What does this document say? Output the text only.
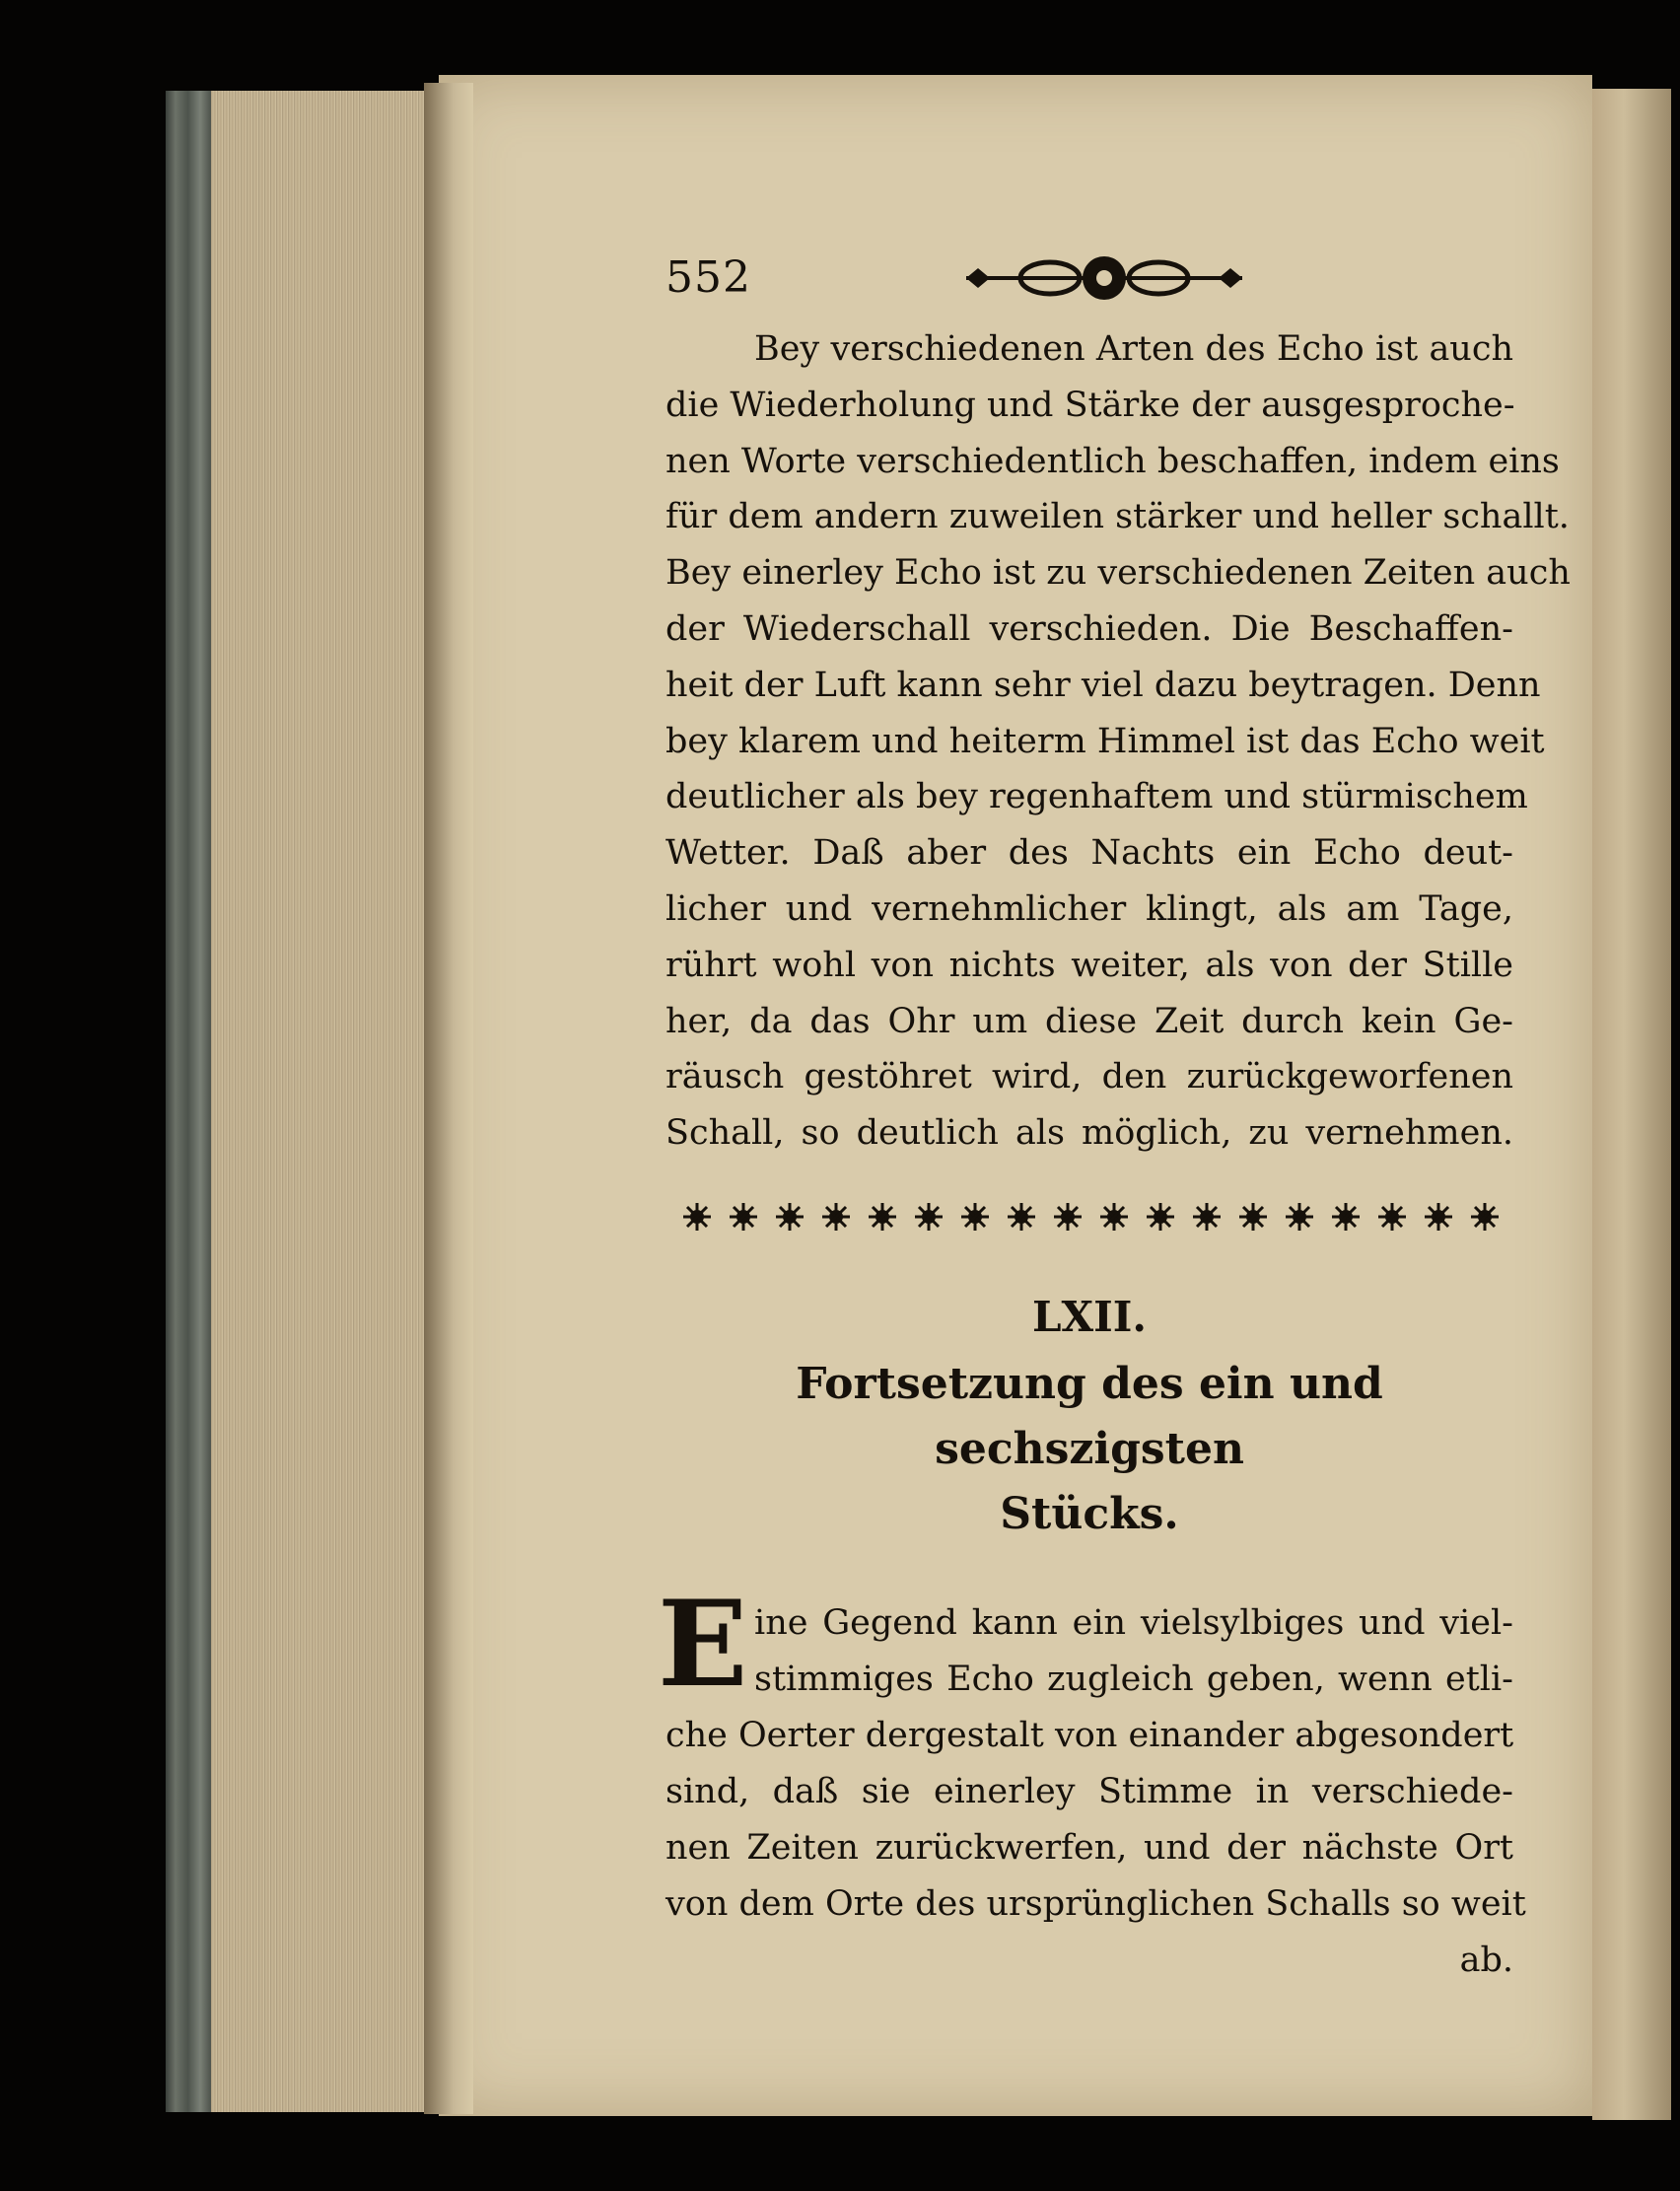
552
Bey verschiedenen Arten des Echo ist auch
die Wiederholung und Stärke der ausgesproche-
nen Worte verschiedentlich beschaffen, indem eins
für dem andern zuweilen stärker und heller schallt.
Bey einerley Echo ist zu verschiedenen Zeiten auch
der Wiederschall verschieden. Die Beschaffen-
heit der Luft kann sehr viel dazu beytragen. Denn
bey klarem und heiterm Himmel ist das Echo weit
deutlicher als bey regenhaftem und stürmischem
Wetter. Daß aber des Nachts ein Echo deut-
licher und vernehmlicher klingt, als am Tage,
rührt wohl von nichts weiter, als von der Stille
her, da das Ohr um diese Zeit durch kein Ge-
räusch gestöhret wird, den zurückgeworfenen
Schall, so deutlich als möglich, zu vernehmen.
LXII.
Fortsetzung des ein und sechszigsten
Stücks.
E ine Gegend kann ein vielsylbiges und viel-
stimmiges Echo zugleich geben, wenn etli-
che Oerter dergestalt von einander abgesondert
sind, daß sie einerley Stimme in verschiede-
nen Zeiten zurückwerfen, und der nächste Ort
von dem Orte des ursprünglichen Schalls so weit
ab.
